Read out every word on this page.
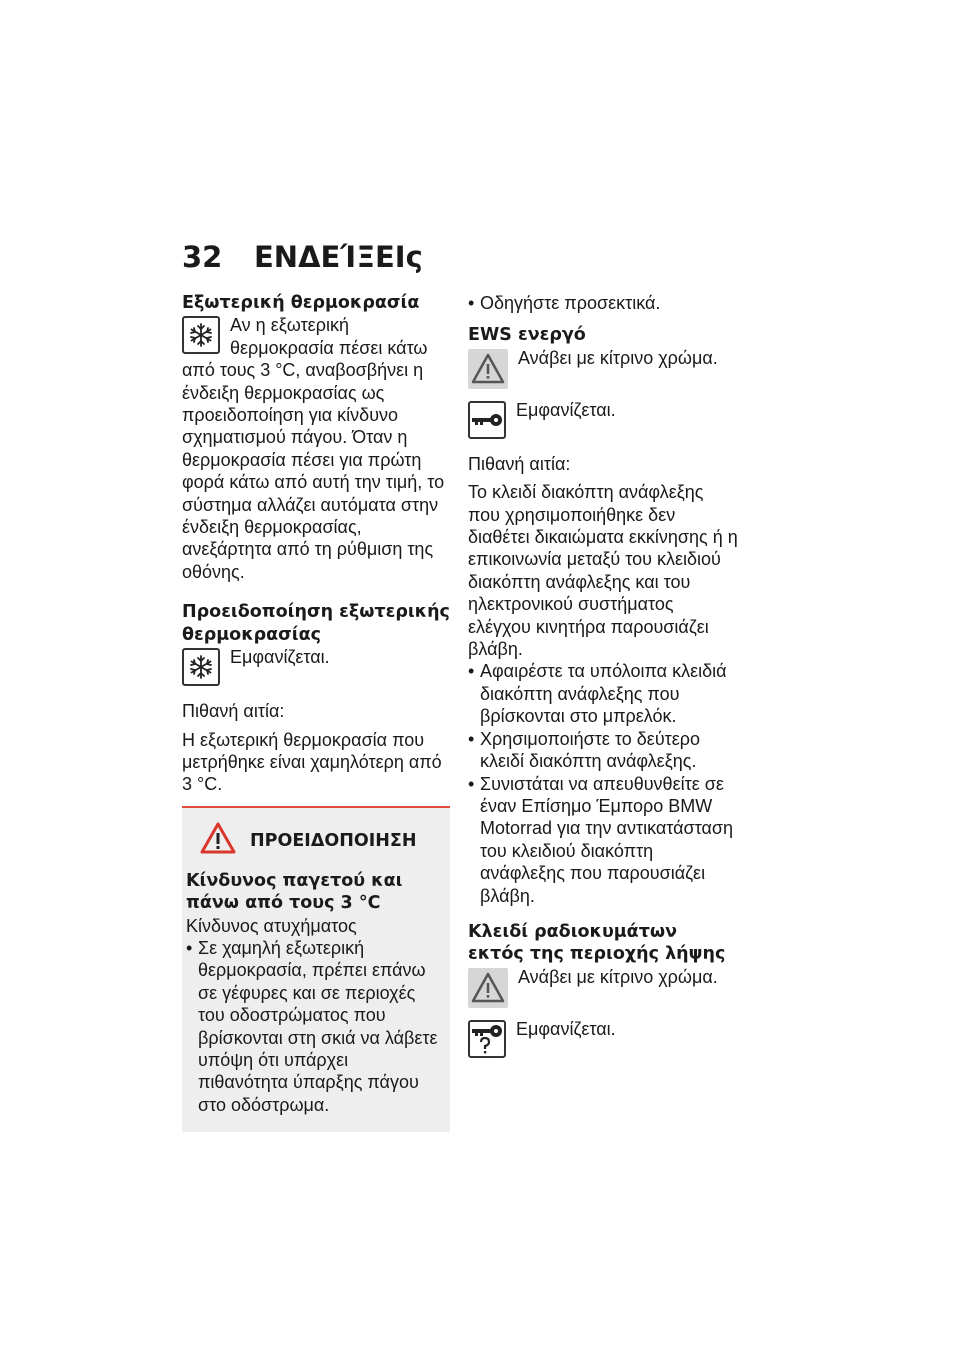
32 ΕΝΔΕΊΞΕΙς
Εξωτερική θερμοκρασία

Αν η εξωτερική θερμοκρασία πέσει κάτω από τους 3 °C, αναβοσβήνει η ένδειξη θερμοκρασίας ως προειδοποίηση για κίνδυνο σχηματισμού πάγου. Όταν η θερμοκρασία πέσει για πρώτη φορά κάτω από αυτή την τιμή, το σύστημα αλλάζει αυτόματα στην ένδειξη θερμοκρασίας, ανεξάρτητα από τη ρύθμιση της οθόνης.

Προειδοποίηση εξωτερικής θερμοκρασίας

Εμφανίζεται.

Πιθανή αιτία:

Η εξωτερική θερμοκρασία που μετρήθηκε είναι χαμηλότερη από 3 °C.

ΠΡΟΕΙΔΟΠΟΙΗΣΗ
Κίνδυνος παγετού και πάνω από τους 3 °C

Κίνδυνος ατυχήματος

• Σε χαμηλή εξωτερική θερμοκρασία, πρέπει επάνω σε γέφυρες και σε περιοχές του οδοστρώματος που βρίσκονται στη σκιά να λάβετε υπόψη ότι υπάρχει πιθανότητα ύπαρξης πάγου στο οδόστρωμα.
• Οδηγήστε προσεκτικά.
EWS ενεργό

Ανάβει με κίτρινο χρώμα.

Εμφανίζεται.

Πιθανή αιτία:

Το κλειδί διακόπτη ανάφλεξης που χρησιμοποιήθηκε δεν διαθέτει δικαιώματα εκκίνησης ή η επικοινωνία μεταξύ του κλειδιού διακόπτη ανάφλεξης και του ηλεκτρονικού συστήματος ελέγχου κινητήρα παρουσιάζει βλάβη.

• Αφαιρέστε τα υπόλοιπα κλειδιά διακόπτη ανάφλεξης που βρίσκονται στο μπρελόκ.
• Χρησιμοποιήστε το δεύτερο κλειδί διακόπτη ανάφλεξης.
• Συνιστάται να απευθυνθείτε σε έναν Επίσημο Έμπορο BMW Motorrad για την αντικατάσταση του κλειδιού διακόπτη ανάφλεξης που παρουσιάζει βλάβη.
Κλειδί ραδιοκυμάτων εκτός της περιοχής λήψης

Ανάβει με κίτρινο χρώμα.

Εμφανίζεται.
